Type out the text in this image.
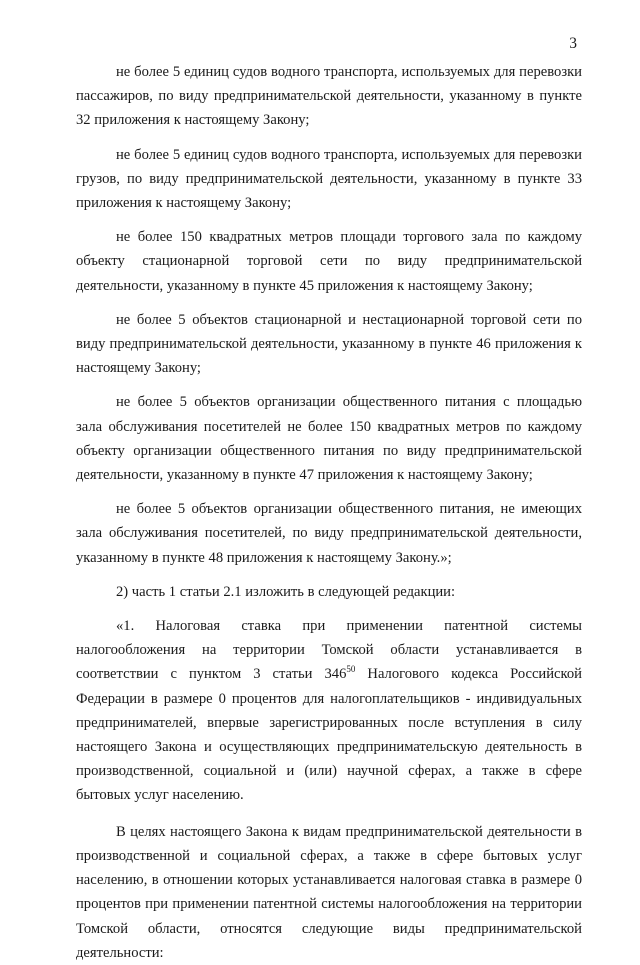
3

не более 5 единиц судов водного транспорта, используемых для перевозки пассажиров, по виду предпринимательской деятельности, указанному в пункте 32 приложения к настоящему Закону;

не более 5 единиц судов водного транспорта, используемых для перевозки грузов, по виду предпринимательской деятельности, указанному в пункте 33 приложения к настоящему Закону;

не более 150 квадратных метров площади торгового зала по каждому объекту стационарной торговой сети по виду предпринимательской деятельности, указанному в пункте 45 приложения к настоящему Закону;

не более 5 объектов стационарной и нестационарной торговой сети по виду предпринимательской деятельности, указанному в пункте 46 приложения к настоящему Закону;

не более 5 объектов организации общественного питания с площадью зала обслуживания посетителей не более 150 квадратных метров по каждому объекту организации общественного питания по виду предпринимательской деятельности, указанному в пункте 47 приложения к настоящему Закону;

не более 5 объектов организации общественного питания, не имеющих зала обслуживания посетителей, по виду предпринимательской деятельности, указанному в пункте 48 приложения к настоящему Закону.»;

2) часть 1 статьи 2.1 изложить в следующей редакции:

«1. Налоговая ставка при применении патентной системы налогообложения на территории Томской области устанавливается в соответствии с пунктом 3 статьи $346^{50}$ Налогового кодекса Российской Федерации в размере 0 процентов для налогоплательщиков - индивидуальных предпринимателей, впервые зарегистрированных после вступления в силу настоящего Закона и осуществляющих предпринимательскую деятельность в производственной, социальной и (или) научной сферах, а также в сфере бытовых услуг населению.

В целях настоящего Закона к видам предпринимательской деятельности в производственной и социальной сферах, а также в сфере бытовых услуг населению, в отношении которых устанавливается налоговая ставка в размере 0 процентов при применении патентной системы налогообложения на территории Томской области, относятся следующие виды предпринимательской деятельности:
